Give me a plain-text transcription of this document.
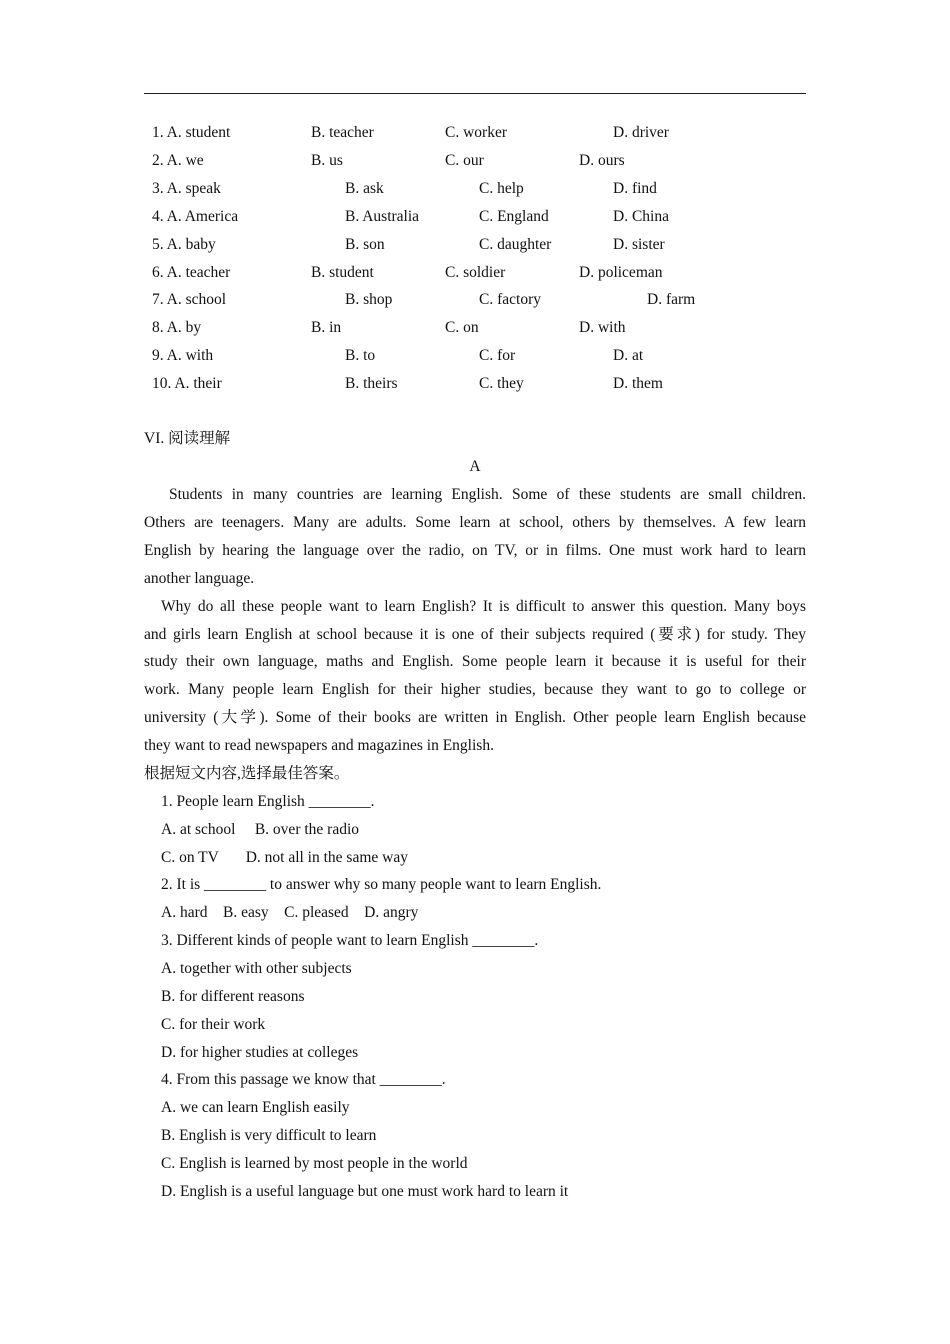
1. A. student	B. teacher	C. worker	D. driver
2. A. we	B. us	C. our	D. ours
3. A. speak	B. ask	C. help	D. find
4. A. America	B. Australia	C. England	D. China
5. A. baby	B. son	C. daughter	D. sister
6. A. teacher	B. student	C. soldier	D. policeman
7. A. school	B. shop	C. factory	D. farm
8. A. by	B. in	C. on	D. with
9. A. with	B. to	C. for	D. at
10. A. their	B. theirs	C. they	D. them
VI. 阅读理解
A
Students in many countries are learning English. Some of these students are small children.
Others are teenagers. Many are adults. Some learn at school, others by themselves. A few learn
English by hearing the language over the radio, on TV, or in films. One must work hard to learn
another language.
Why do all these people want to learn English? It is difficult to answer this question. Many boys
and girls learn English at school because it is one of their subjects required (要求) for study. They
study their own language, maths and English. Some people learn it because it is useful for their
work. Many people learn English for their higher studies, because they want to go to college or
university (大学). Some of their books are written in English. Other people learn English because
they want to read newspapers and magazines in English.
根据短文内容,选择最佳答案。
1. People learn English ________.
A. at school     B. over the radio
C. on TV       D. not all in the same way
2. It is ________ to answer why so many people want to learn English.
A. hard    B. easy    C. pleased    D. angry
3. Different kinds of people want to learn English ________.
A. together with other subjects
B. for different reasons
C. for their work
D. for higher studies at colleges
4. From this passage we know that ________.
A. we can learn English easily
B. English is very difficult to learn
C. English is learned by most people in the world
D. English is a useful language but one must work hard to learn it
